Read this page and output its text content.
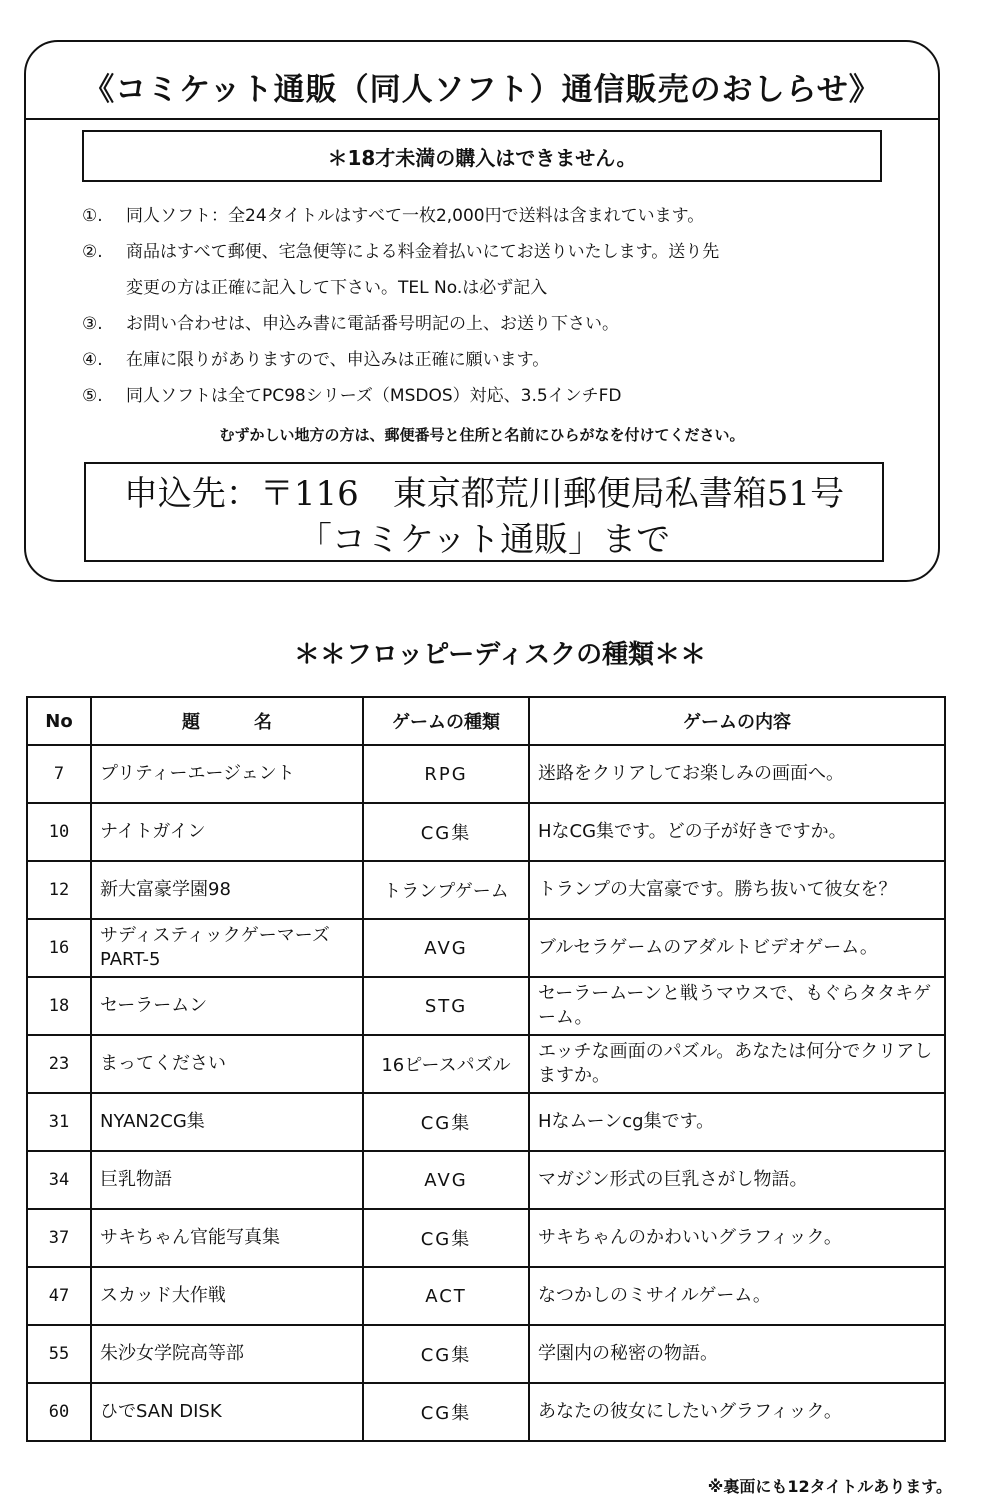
《コミケット通販（同人ソフト）通信販売のおしらせ》
＊18才未満の購入はできません。
①.	同人ソフト：全24タイトルはすべて一枚2,000円で送料は含まれています。
②.	商品はすべて郵便、宅急便等による料金着払いにてお送りいたします。送り先
変更の方は正確に記入して下さい。TEL No.は必ず記入
③.	お問い合わせは、申込み書に電話番号明記の上、お送り下さい。
④.	在庫に限りがありますので、申込みは正確に願います。
⑤.	同人ソフトは全てPC98シリーズ（MSDOS）対応、3.5インチFD
むずかしい地方の方は、郵便番号と住所と名前にひらがなを付けてください。
申込先：〒116　東京都荒川郵便局私書箱51号
「コミケット通販」まで
＊＊フロッピーディスクの種類＊＊
No	題　　　名	ゲームの種類	ゲームの内容
7	プリティーエージェント	RPG	迷路をクリアしてお楽しみの画面へ。
10	ナイトガイン	CG集	HなCG集です。どの子が好きですか。
12	新大富豪学園98	トランプゲーム	トランプの大富豪です。勝ち抜いて彼女を？
16	サディスティックゲーマーズ PART-5	AVG	ブルセラゲームのアダルトビデオゲーム。
18	セーラームン	STG	セーラームーンと戦うマウスで、もぐらタタキゲーム。
23	まってください	16ピースパズル	エッチな画面のパズル。あなたは何分でクリアしますか。
31	NYAN2CG集	CG集	Hなムーンcg集です。
34	巨乳物語	AVG	マガジン形式の巨乳さがし物語。
37	サキちゃん官能写真集	CG集	サキちゃんのかわいいグラフィック。
47	スカッド大作戦	ACT	なつかしのミサイルゲーム。
55	朱沙女学院高等部	CG集	学園内の秘密の物語。
60	ひでSAN DISK	CG集	あなたの彼女にしたいグラフィック。
※裏面にも12タイトルあります。
